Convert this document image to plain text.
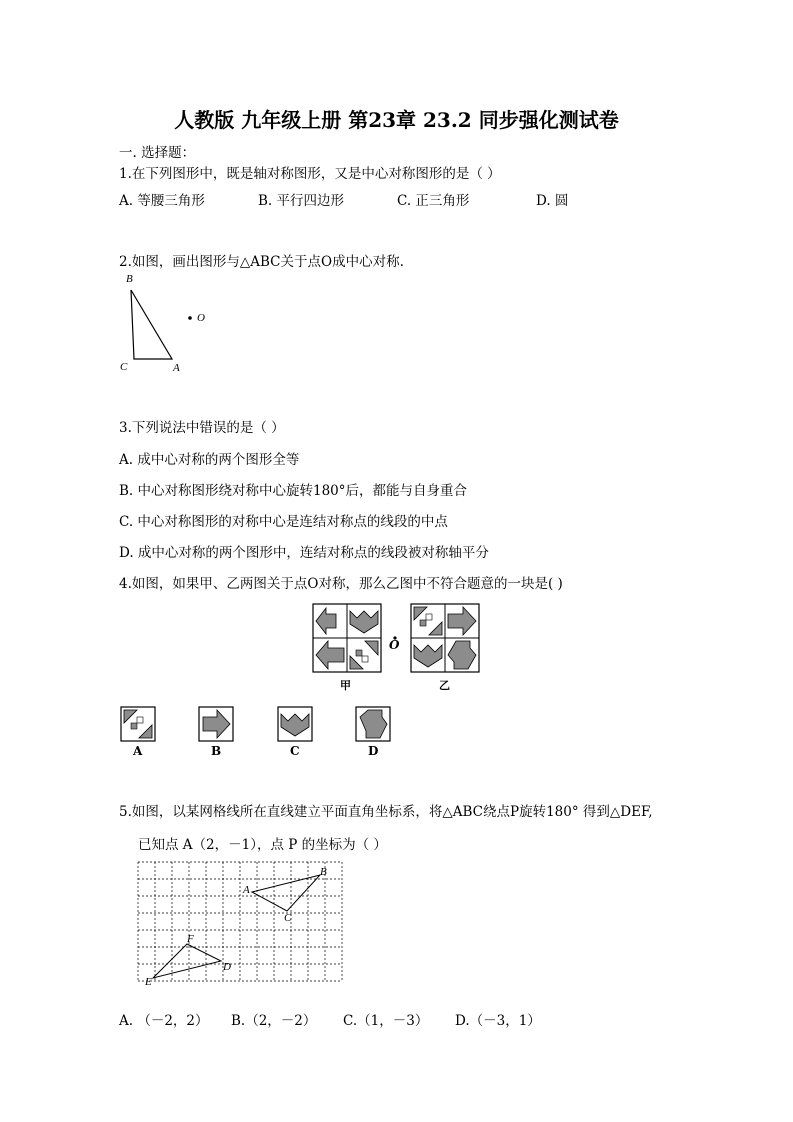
人教版 九年级上册 第23章 23.2 同步强化测试卷
一. 选择题：
1.在下列图形中，既是轴对称图形，又是中心对称图形的是（ ）
A. 等腰三角形	B. 平行四边形	C. 正三角形	D. 圆
2.如图，画出图形与△ABC关于点O成中心对称.
B
C	A
O
3.下列说法中错误的是（ ）
A. 成中心对称的两个图形全等
B. 中心对称图形绕对称中心旋转180°后，都能与自身重合
C. 中心对称图形的对称中心是连结对称点的线段的中点
D. 成中心对称的两个图形中，连结对称点的线段被对称轴平分
4.如图，如果甲、乙两图关于点O对称，那么乙图中不符合题意的一块是( )
O
甲	乙
A	B	C	D
5.如图，以某网格线所在直线建立平面直角坐标系，将△ABC绕点P旋转180° 得到△DEF,
已知点 A（2，－1），点 P 的坐标为（ ）
A
B
C
D
E
F
A. （－2，2） B.（2，－2） C.（1，－3） D.（－3，1）
